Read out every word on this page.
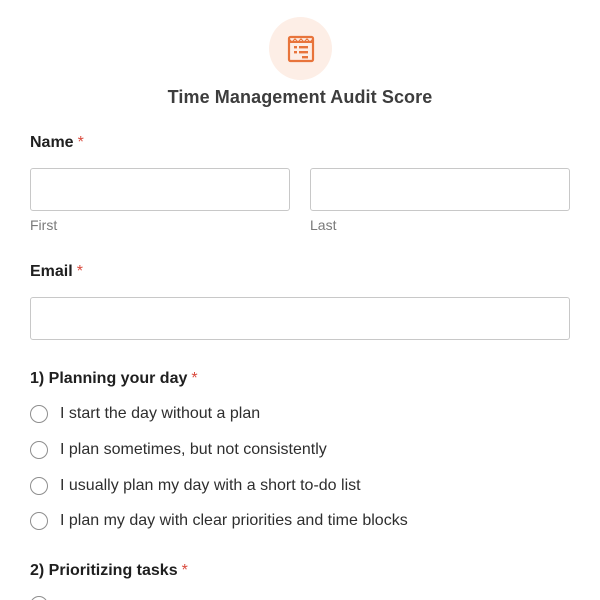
Time Management Audit Score
Name *
First	Last
Email *
1) Planning your day *
I start the day without a plan
I plan sometimes, but not consistently
I usually plan my day with a short to-do list
I plan my day with clear priorities and time blocks
2) Prioritizing tasks *
